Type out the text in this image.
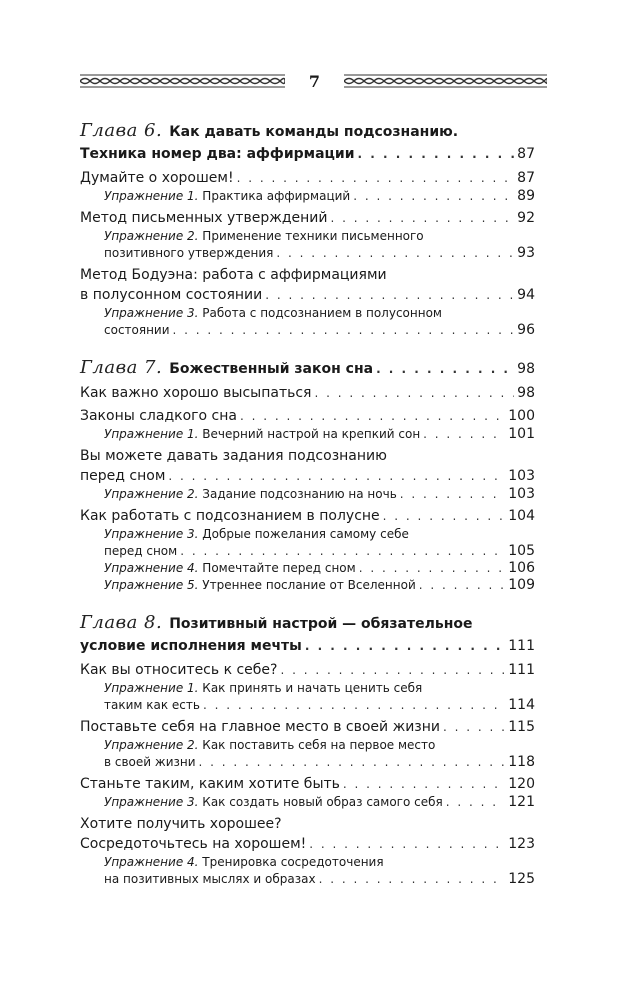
7
Глава 6. Как давать команды подсознанию.
Техника номер два: аффирмации . . .	87
Думайте о хорошем! . . .	87
Упражнение 1. Практика аффирмаций . . .	89
Метод письменных утверждений . . .	92
Упражнение 2. Применение техники письменного
позитивного утверждения . . .	93
Метод Бодуэна: работа с аффирмациями
в полусонном состоянии . . .	94
Упражнение 3. Работа с подсознанием в полусонном
состоянии . . .	96
Глава 7. Божественный закон сна . . .	98
Как важно хорошо высыпаться . . .	98
Законы сладкого сна . . .	100
Упражнение 1. Вечерний настрой на крепкий сон . . .	101
Вы можете давать задания подсознанию
перед сном . . .	103
Упражнение 2. Задание подсознанию на ночь . . .	103
Как работать с подсознанием в полусне . . .	104
Упражнение 3. Добрые пожелания самому себе
перед сном . . .	105
Упражнение 4. Помечтайте перед сном . . .	106
Упражнение 5. Утреннее послание от Вселенной . . .	109
Глава 8. Позитивный настрой — обязательное
условие исполнения мечты . . .	111
Как вы относитесь к себе? . . .	111
Упражнение 1. Как принять и начать ценить себя
таким как есть . . .	114
Поставьте себя на главное место в своей жизни . . .	115
Упражнение 2. Как поставить себя на первое место
в своей жизни . . .	118
Станьте таким, каким хотите быть . . .	120
Упражнение 3. Как создать новый образ самого себя . . .	121
Хотите получить хорошее?
Сосредоточьтесь на хорошем! . . .	123
Упражнение 4. Тренировка сосредоточения
на позитивных мыслях и образах . . .	125
